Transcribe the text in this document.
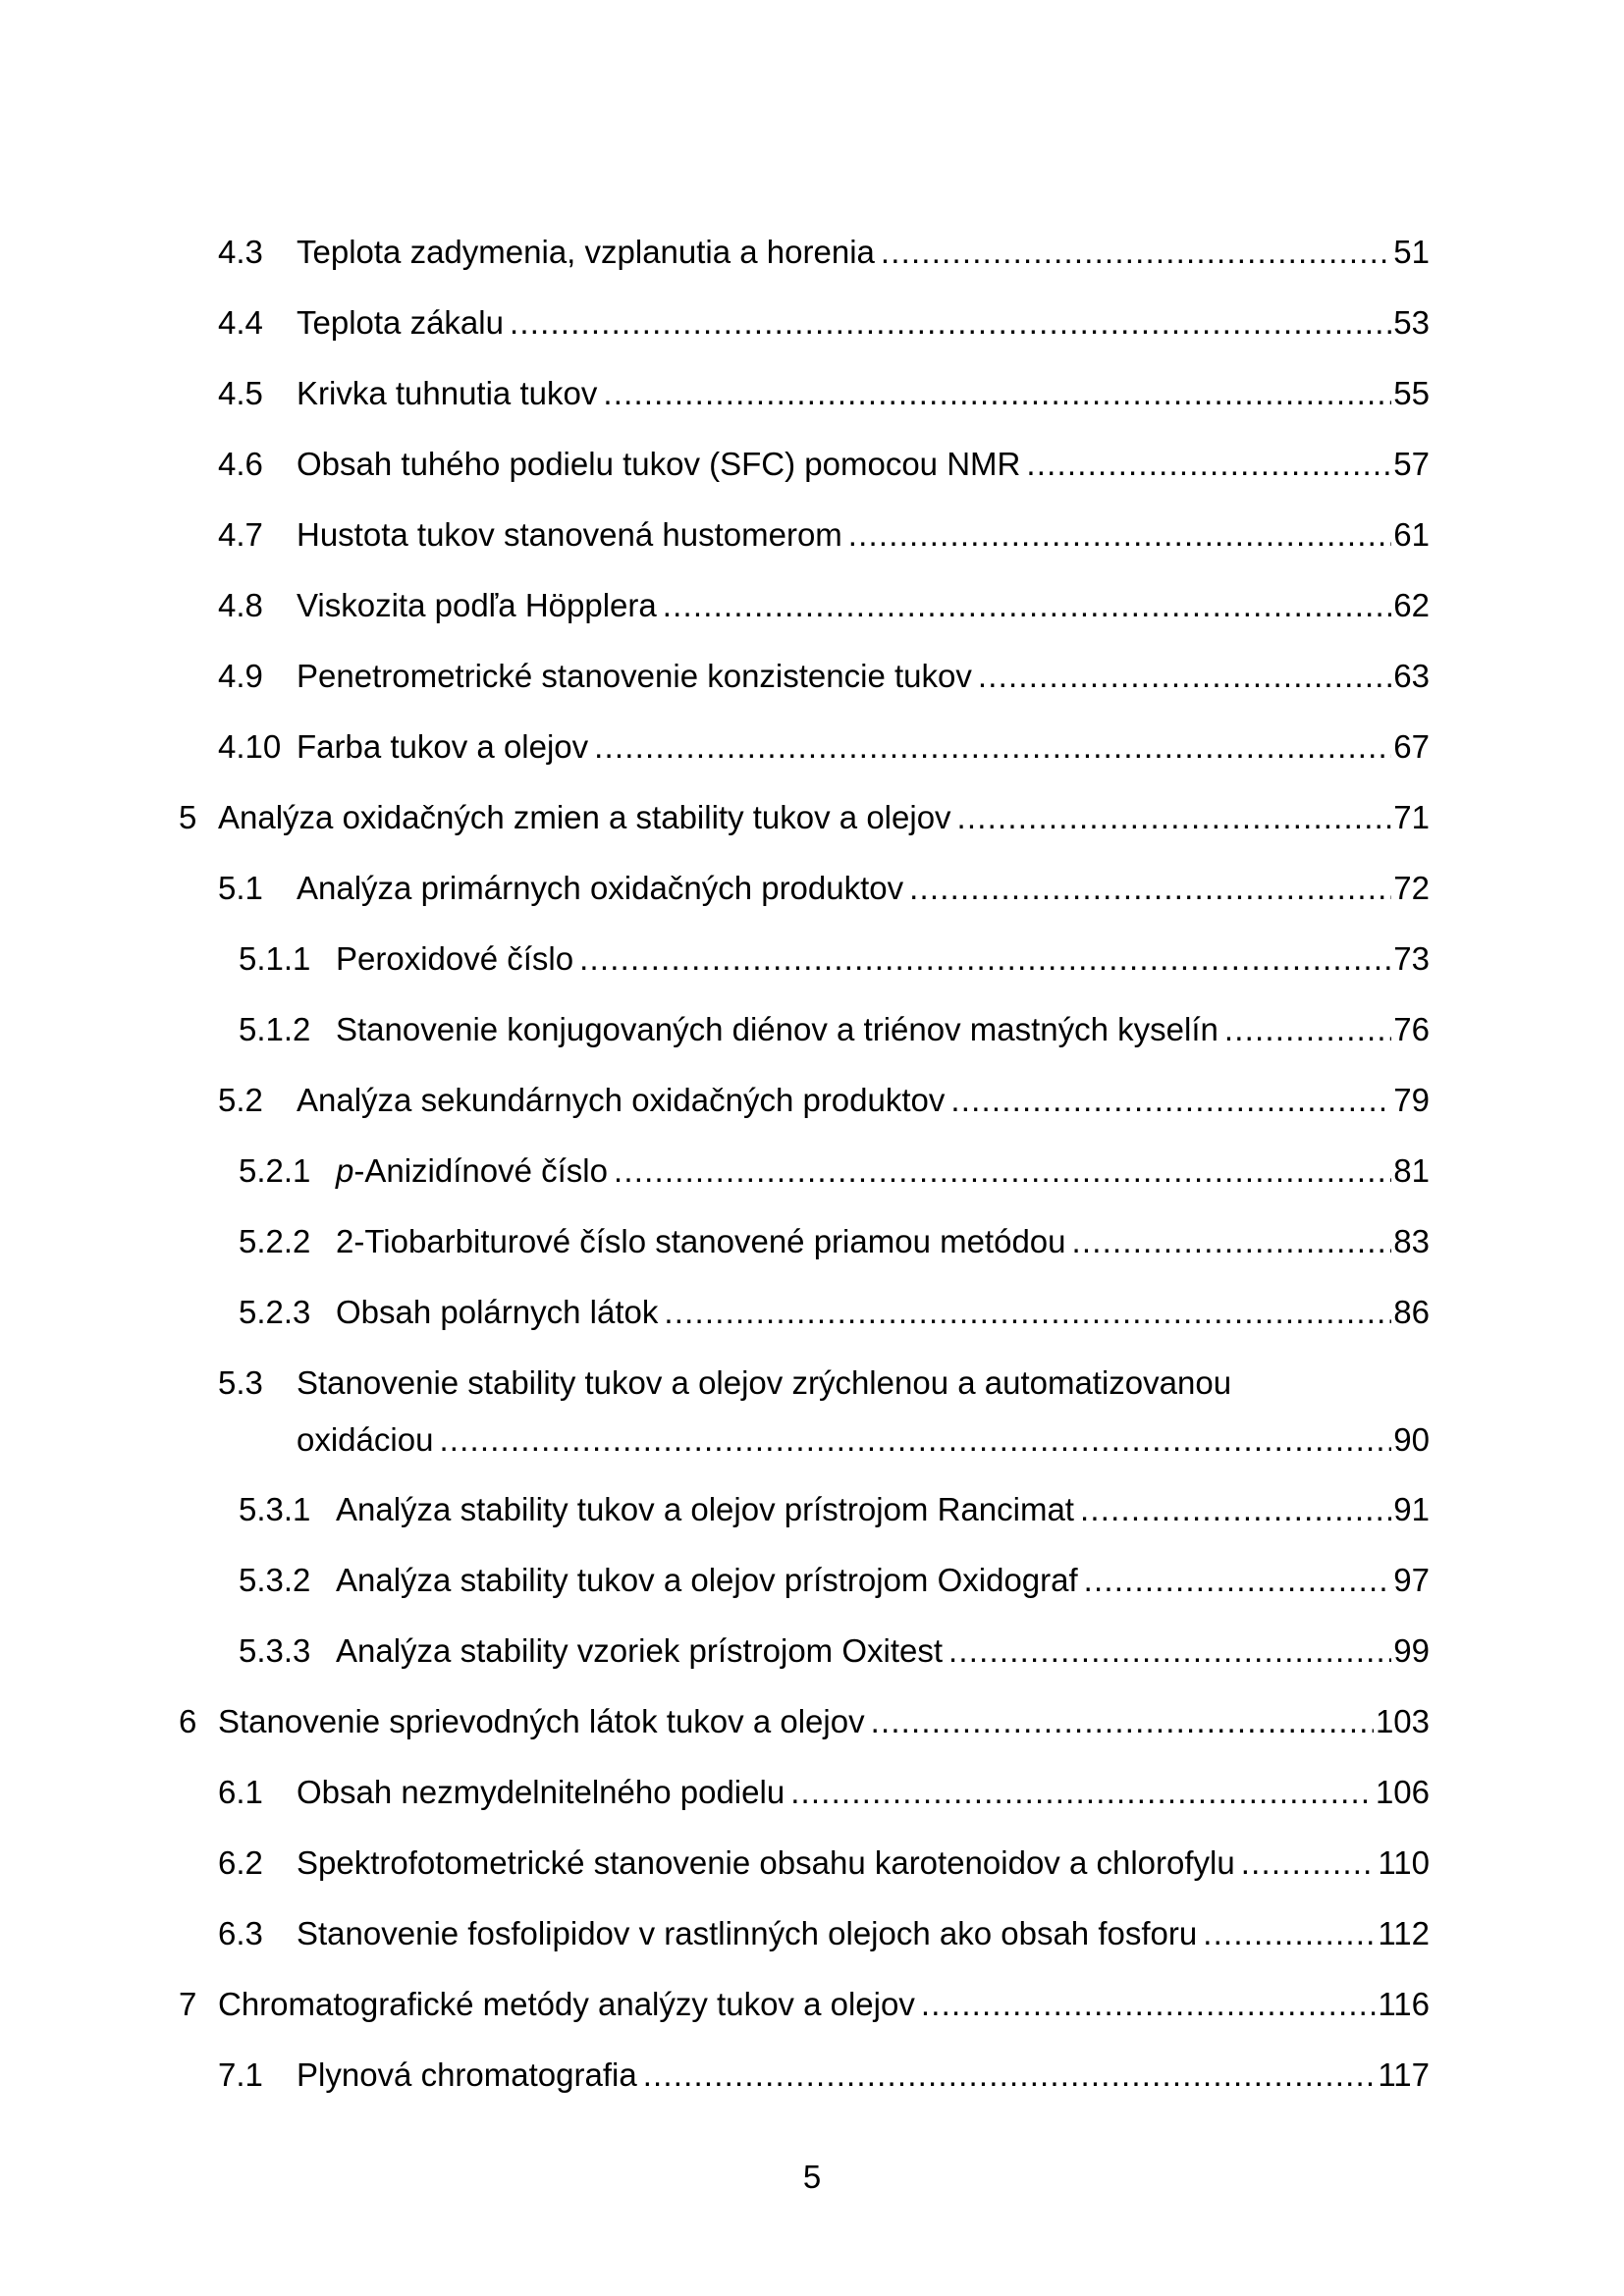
4.3 Teplota zadymenia, vzplanutia a horenia .....	51
4.4 Teplota zákalu .....	53
4.5 Krivka tuhnutia tukov .....	55
4.6 Obsah tuhého podielu tukov (SFC) pomocou NMR .....	57
4.7 Hustota tukov stanovená hustomerom .....	61
4.8 Viskozita podľa Höpplera .....	62
4.9 Penetrometrické stanovenie konzistencie tukov .....	63
4.10 Farba tukov a olejov .....	67
5 Analýza oxidačných zmien a stability tukov a olejov .....	71
5.1 Analýza primárnych oxidačných produktov .....	72
5.1.1 Peroxidové číslo .....	73
5.1.2 Stanovenie konjugovaných diénov a triénov mastných kyselín .....	76
5.2 Analýza sekundárnych oxidačných produktov .....	79
5.2.1 p-Anizidínové číslo .....	81
5.2.2 2-Tiobarbiturové číslo stanovené priamou metódou .....	83
5.2.3 Obsah polárnych látok .....	86
5.3 Stanovenie stability tukov a olejov zrýchlenou a automatizovanou
oxidáciou .....	90
5.3.1 Analýza stability tukov a olejov prístrojom Rancimat .....	91
5.3.2 Analýza stability tukov a olejov prístrojom Oxidograf .....	97
5.3.3 Analýza stability vzoriek prístrojom Oxitest .....	99
6 Stanovenie sprievodných látok tukov a olejov .....	103
6.1 Obsah nezmydelnitelného podielu .....	106
6.2 Spektrofotometrické stanovenie obsahu karotenoidov a chlorofylu .....	110
6.3 Stanovenie fosfolipidov v rastlinných olejoch ako obsah fosforu .....	112
7 Chromatografické metódy analýzy tukov a olejov .....	116
7.1 Plynová chromatografia .....	117
5
